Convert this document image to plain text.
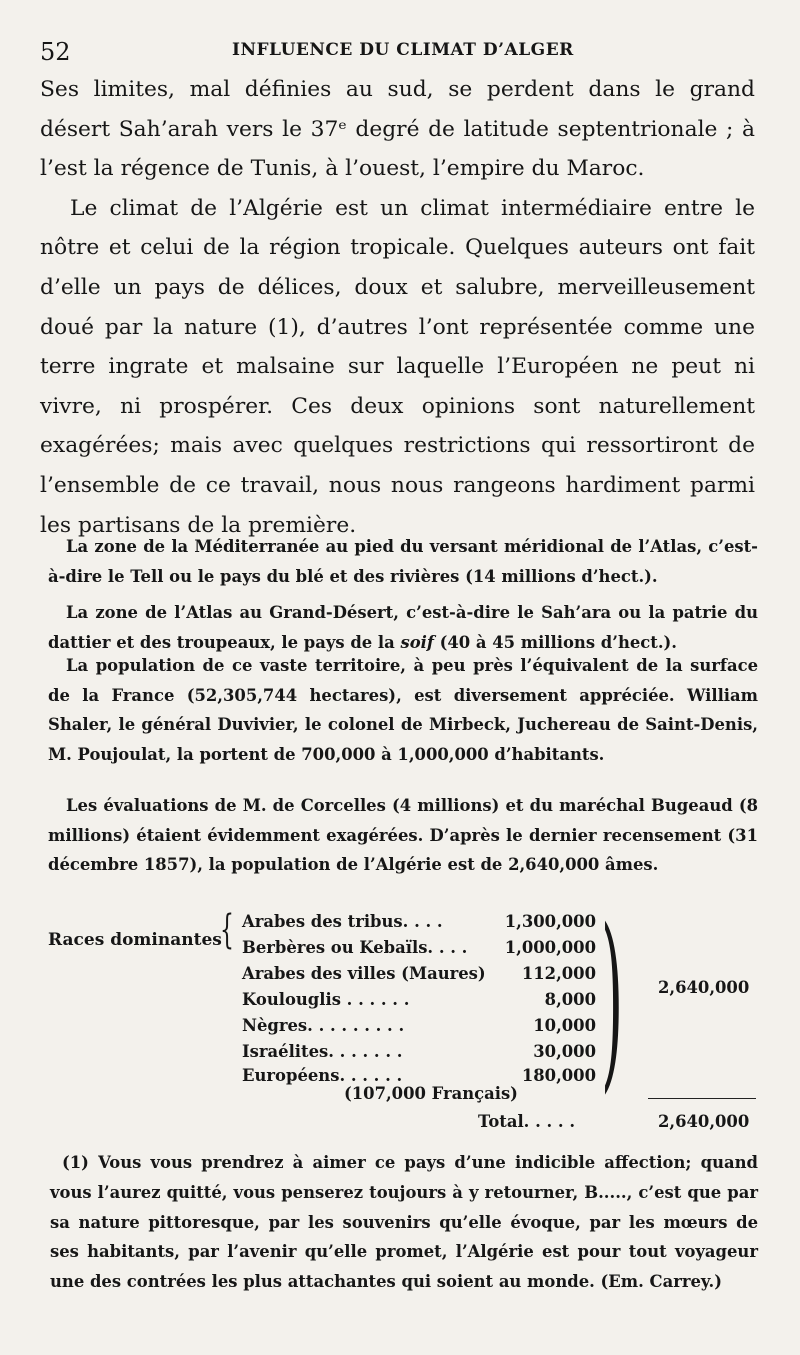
52	INFLUENCE DU CLIMAT D’ALGER

Ses limites, mal définies au sud, se perdent dans le grand désert Sah’arah vers le 37ᵉ degré de latitude septentrionale ; à l’est la régence de Tunis, à l’ouest, l’empire du Maroc.

Le climat de l’Algérie est un climat intermédiaire entre le nôtre et celui de la région tropicale. Quelques auteurs ont fait d’elle un pays de délices, doux et salubre, merveilleusement doué par la nature (1), d’autres l’ont représentée comme une terre ingrate et malsaine sur laquelle l’Européen ne peut ni vivre, ni prospérer. Ces deux opinions sont naturellement exagérées; mais avec quelques restrictions qui ressortiront de l’ensemble de ce travail, nous nous rangeons hardiment parmi les partisans de la première.

La zone de la Méditerranée au pied du versant méridional de l’Atlas, c’est-à-dire le Tell ou le pays du blé et des rivières (14 millions d’hect.).

La zone de l’Atlas au Grand-Désert, c’est-à-dire le Sah’ara ou la patrie du dattier et des troupeaux, le pays de la soif (40 à 45 millions d’hect.).

La population de ce vaste territoire, à peu près l’équivalent de la surface de la France (52,305,744 hectares), est diversement appréciée. William Shaler, le général Duvivier, le colonel de Mirbeck, Juchereau de Saint-Denis, M. Poujoulat, la portent de 700,000 à 1,000,000 d’habitants.

Les évaluations de M. de Corcelles (4 millions) et du maréchal Bugeaud (8 millions) étaient évidemment exagérées. D’après le dernier recensement (31 décembre 1857), la population de l’Algérie est de 2,640,000 âmes.

Races dominantes
{ Arabes des tribus. . . .	1,300,000
Berbères ou Kebaïls. . . .	1,000,000
Arabes des villes (Maures)	112,000
Koulouglis . . . . . .	8,000
Nègres. . . . . . . . .	10,000
Israélites. . . . . . .	30,000
Européens. . . . . .	180,000 ) 2,640,000
(107,000 Français)
Total. . . . .	2,640,000

(1) Vous vous prendrez à aimer ce pays d’une indicible affection; quand vous l’aurez quitté, vous penserez toujours à y retourner, B....., c’est que par sa nature pittoresque, par les souvenirs qu’elle évoque, par les mœurs de ses habitants, par l’avenir qu’elle promet, l’Algérie est pour tout voyageur une des contrées les plus attachantes qui soient au monde. (Em. Carrey.)
